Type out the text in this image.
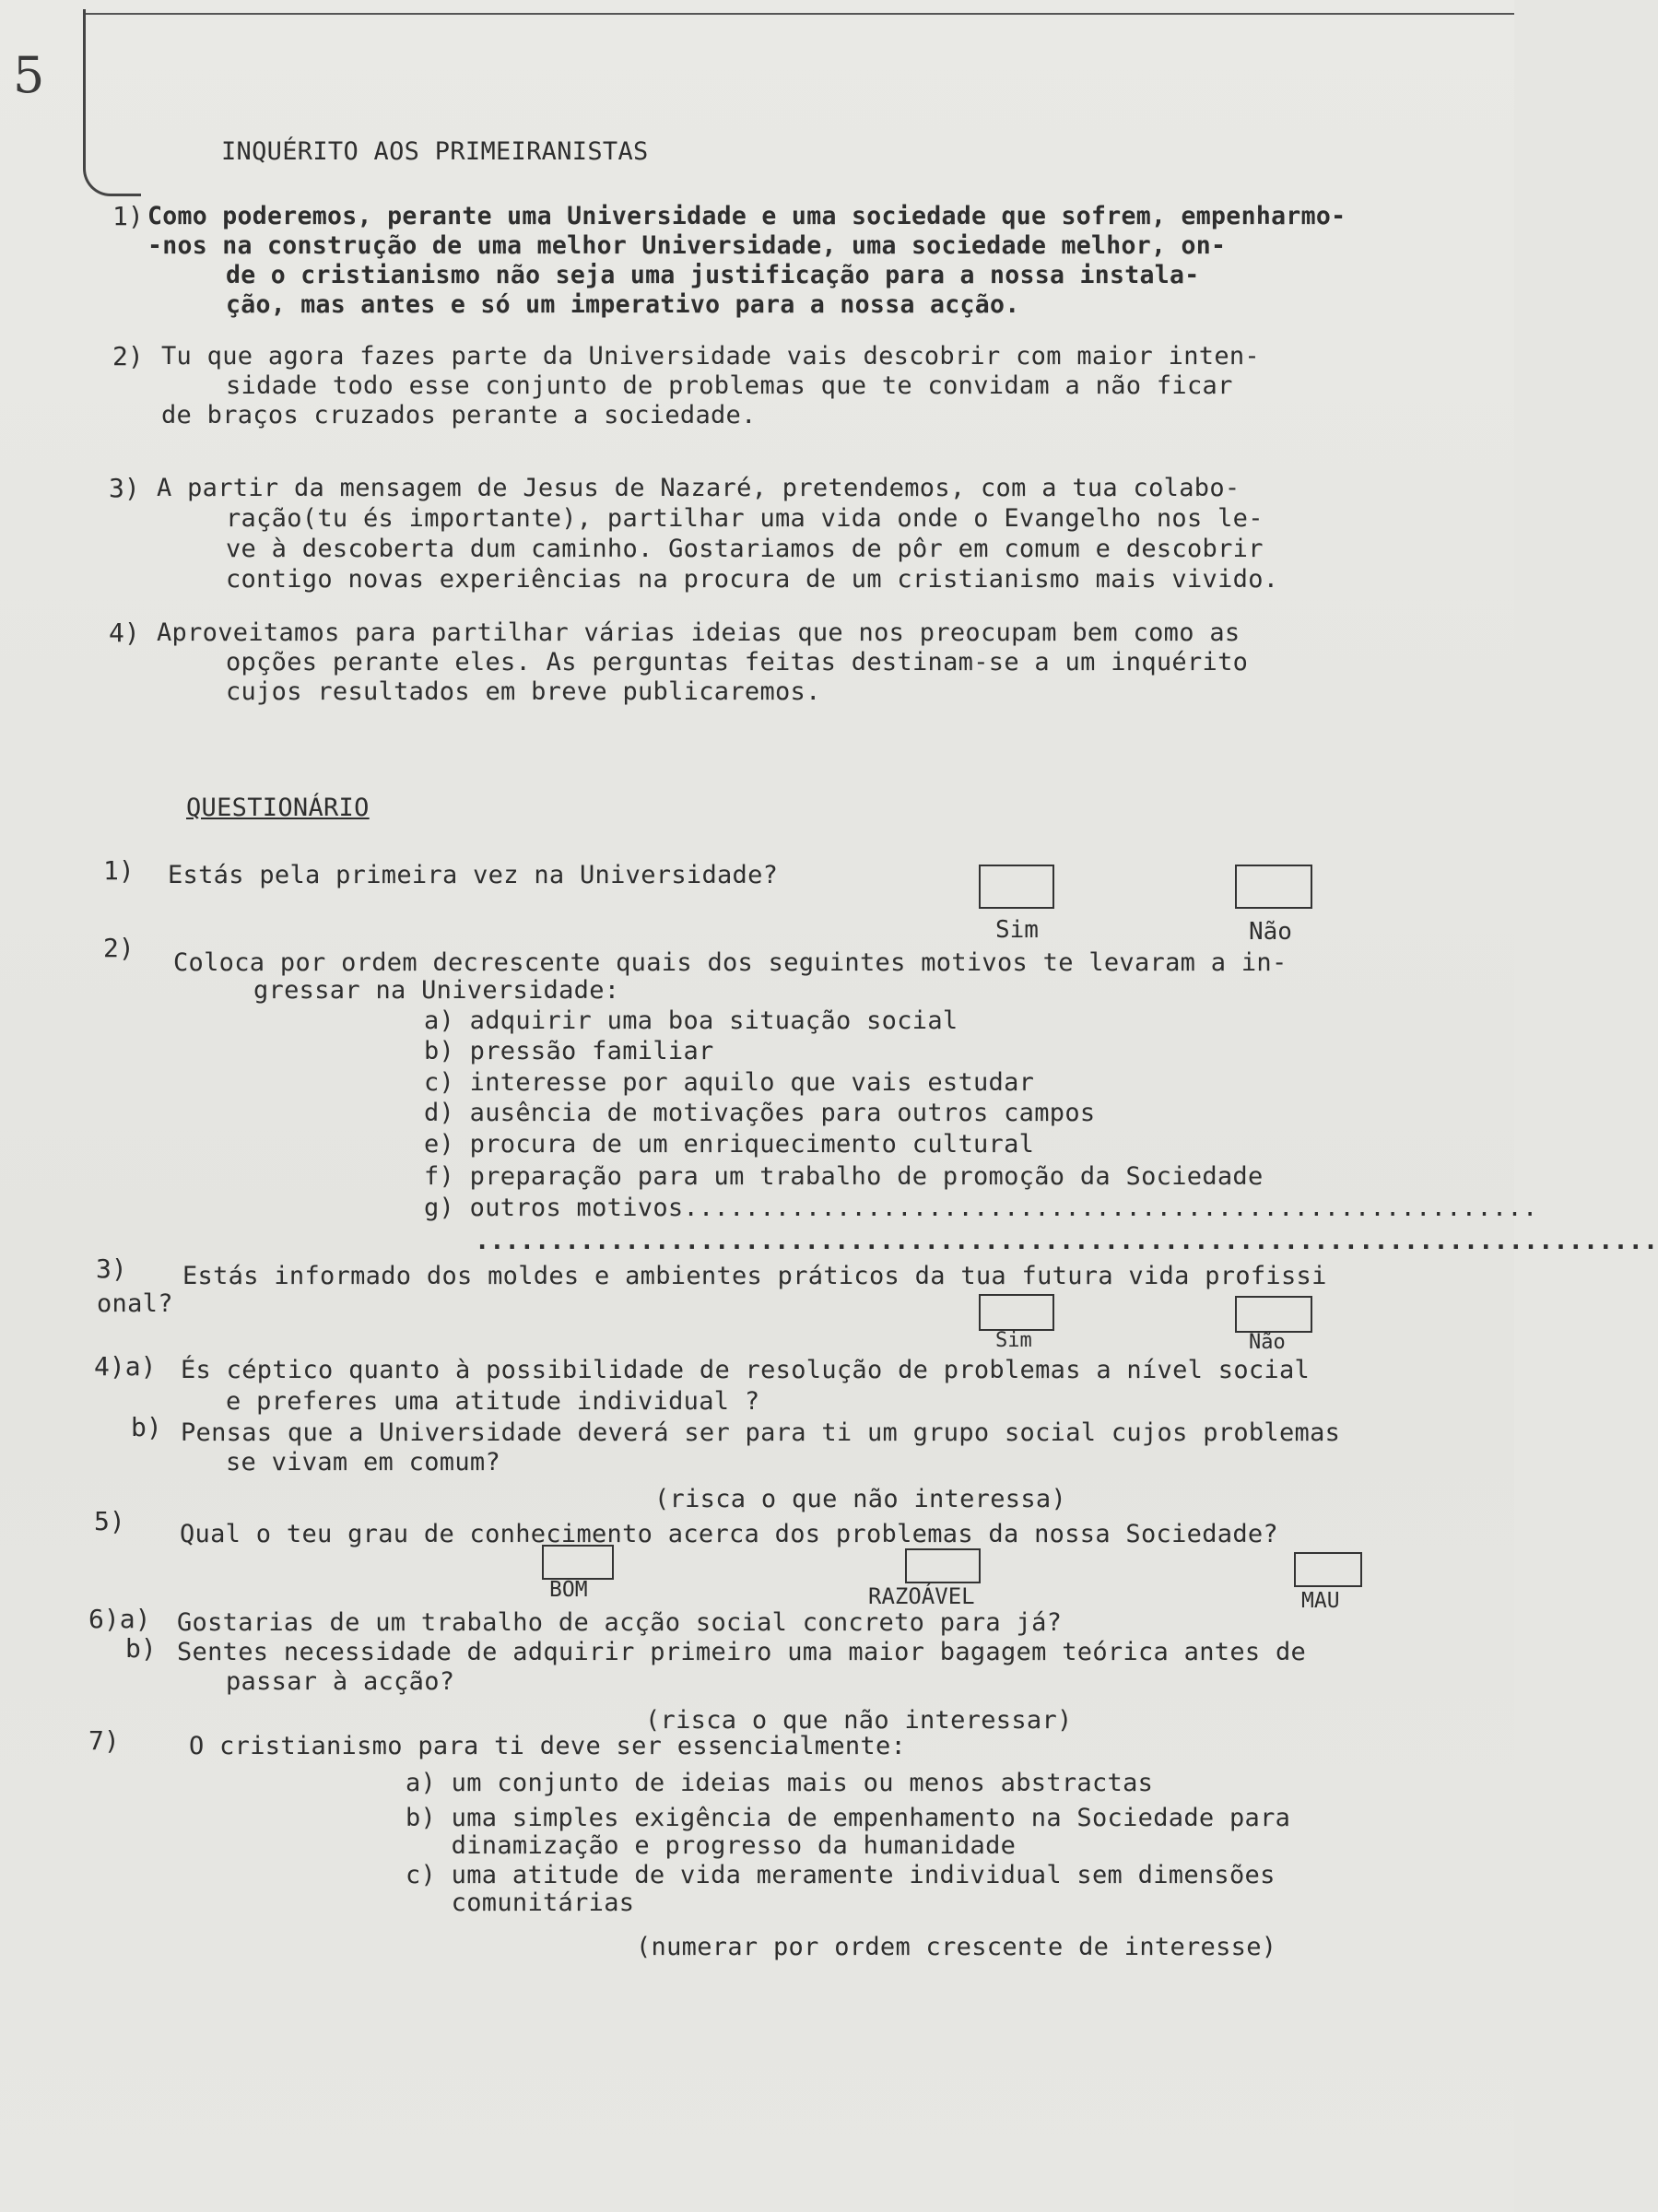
5
INQUÉRITO AOS PRIMEIRANISTAS
1) Como poderemos, perante uma Universidade e uma sociedade que sofrem, empenharmo-
-nos na construção de uma melhor Universidade, uma sociedade melhor, on-
de o cristianismo não seja uma justificação para a nossa instala-
ção, mas antes e só um imperativo para a nossa acção.
2) Tu que agora fazes parte da Universidade vais descobrir com maior inten-
sidade todo esse conjunto de problemas que te convidam a não ficar
de braços cruzados perante a sociedade.
3) A partir da mensagem de Jesus de Nazaré, pretendemos, com a tua colabo-
ração(tu és importante), partilhar uma vida onde o Evangelho nos le-
ve à descoberta dum caminho. Gostariamos de pôr em comum e descobrir
contigo novas experiências na procura de um cristianismo mais vivido.
4) Aproveitamos para partilhar várias ideias que nos preocupam bem como as
opções perante eles. As perguntas feitas destinam-se a um inquérito
cujos resultados em breve publicaremos.
QUESTIONÁRIO
1) Estás pela primeira vez na Universidade?
Sim	Não
2) Coloca por ordem decrescente quais dos seguintes motivos te levaram a in-
gressar na Universidade:
a) adquirir uma boa situação social
b) pressão familiar
c) interesse por aquilo que vais estudar
d) ausência de motivações para outros campos
e) procura de um enriquecimento cultural
f) preparação para um trabalho de promoção da Sociedade
g) outros motivos........................................................
...............................................................................
3) Estás informado dos moldes e ambientes práticos da tua futura vida profissi
onal?
Sim	Não
4)a) És céptico quanto à possibilidade de resolução de problemas a nível social
e preferes uma atitude individual ?
b) Pensas que a Universidade deverá ser para ti um grupo social cujos problemas
se vivam em comum?
(risca o que não interessa)
5) Qual o teu grau de conhecimento acerca dos problemas da nossa Sociedade?
BOM	RAZOÁVEL	MAU
6)a) Gostarias de um trabalho de acção social concreto para já?
b) Sentes necessidade de adquirir primeiro uma maior bagagem teórica antes de
passar à acção?
(risca o que não interessar)
7)	O cristianismo para ti deve ser essencialmente:
a) um conjunto de ideias mais ou menos abstractas
b) uma simples exigência de empenhamento na Sociedade para
dinamização e progresso da humanidade
c) uma atitude de vida meramente individual sem dimensões
comunitárias
(numerar por ordem crescente de interesse)
